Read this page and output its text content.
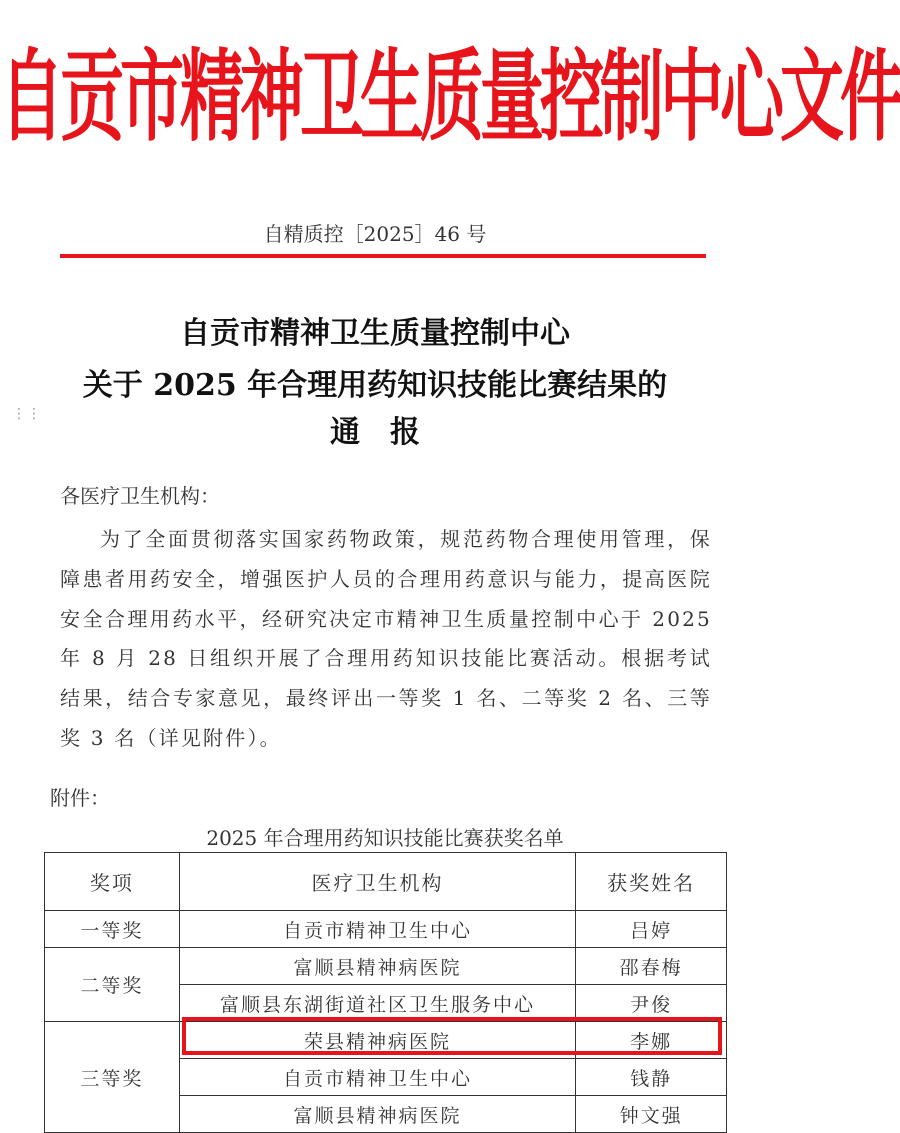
自贡市精神卫生质量控制中心文件
自精质控［2025］46 号
⋮⋮
自贡市精神卫生质量控制中心
关于 2025 年合理用药知识技能比赛结果的
通报
各医疗卫生机构：
为了全面贯彻落实国家药物政策，规范药物合理使用管理，保障患者用药安全，增强医护人员的合理用药意识与能力，提高医院安全合理用药水平，经研究决定市精神卫生质量控制中心于 2025 年 8 月 28 日组织开展了合理用药知识技能比赛活动。根据考试结果，结合专家意见，最终评出一等奖 1 名、二等奖 2 名、三等奖 3 名（详见附件）。
附件：
2025 年合理用药知识技能比赛获奖名单
奖项	医疗卫生机构	获奖姓名
一等奖	自贡市精神卫生中心	吕婷
二等奖	富顺县精神病医院	邵春梅
	富顺县东湖街道社区卫生服务中心	尹俊
三等奖	荣县精神病医院	李娜
	自贡市精神卫生中心	钱静
	富顺县精神病医院	钟文强
